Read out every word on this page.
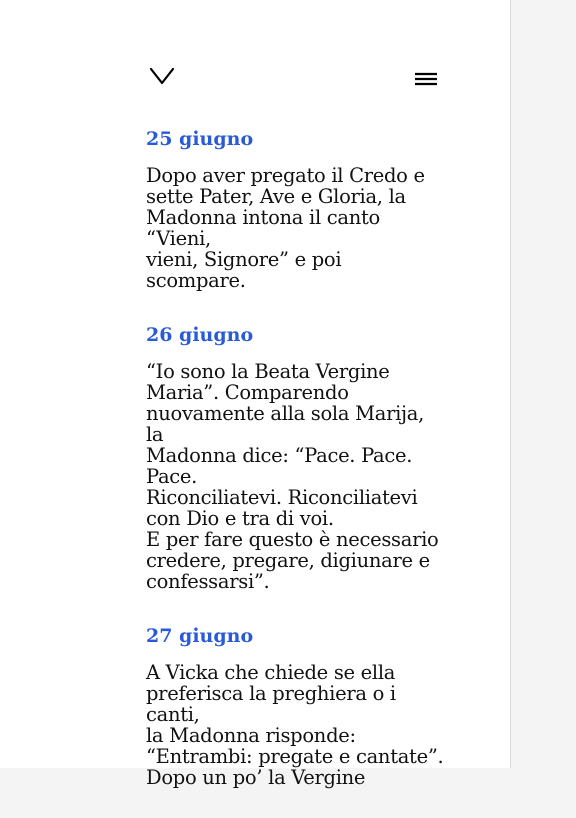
25 giugno

Dopo aver pregato il Credo e
sette Pater, Ave e Gloria, la
Madonna intona il canto “Vieni,
vieni, Signore” e poi scompare.

26 giugno

“Io sono la Beata Vergine
Maria”. Comparendo
nuovamente alla sola Marija, la
Madonna dice: “Pace. Pace.
Pace.
Riconciliatevi. Riconciliatevi
con Dio e tra di voi.
E per fare questo è necessario
credere, pregare, digiunare e
confessarsi”.

27 giugno

A Vicka che chiede se ella
preferisca la preghiera o i canti,
la Madonna risponde:
“Entrambi: pregate e cantate”.
Dopo un po’ la Vergine
